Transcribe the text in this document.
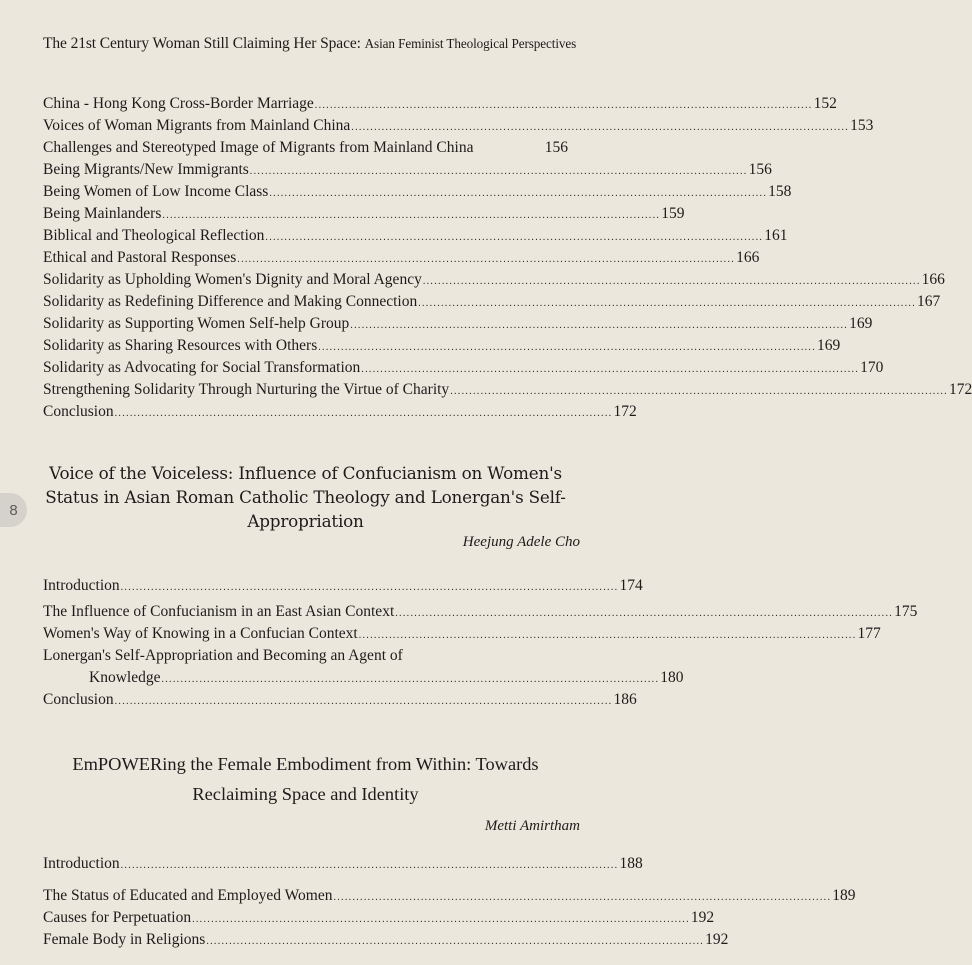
The 21st Century Woman Still Claiming Her Space: Asian Feminist Theological Perspectives
8
China - Hong Kong Cross-Border Marriage ................................................................................................................................... 152
Voices of Woman Migrants from Mainland China ................................................................................................................................... 153
Challenges and Stereotyped Image of Migrants from Mainland China	156
Being Migrants/New Immigrants ................................................................................................................................... 156
Being Women of Low Income Class ................................................................................................................................... 158
Being Mainlanders ................................................................................................................................... 159
Biblical and Theological Reflection ................................................................................................................................... 161
Ethical and Pastoral Responses ................................................................................................................................... 166
Solidarity as Upholding Women's Dignity and Moral Agency ................................................................................................................................... 166
Solidarity as Redefining Difference and Making Connection ................................................................................................................................... 167
Solidarity as Supporting Women Self-help Group ................................................................................................................................... 169
Solidarity as Sharing Resources with Others ................................................................................................................................... 169
Solidarity as Advocating for Social Transformation ................................................................................................................................... 170
Strengthening Solidarity Through Nurturing the Virtue of Charity ................................................................................................................................... 172
Conclusion ................................................................................................................................... 172
Voice of the Voiceless: Influence of Confucianism on Women's
Status in Asian Roman Catholic Theology and Lonergan's Self-
Appropriation
Heejung Adele Cho
Introduction ................................................................................................................................... 174
The Influence of Confucianism in an East Asian Context ................................................................................................................................... 175
Women's Way of Knowing in a Confucian Context ................................................................................................................................... 177
Lonergan's Self-Appropriation and Becoming an Agent of
Knowledge ................................................................................................................................... 180
Conclusion ................................................................................................................................... 186
EmPOWERing the Female Embodiment from Within: Towards
Reclaiming Space and Identity
Metti Amirtham
Introduction ................................................................................................................................... 188
The Status of Educated and Employed Women ................................................................................................................................... 189
Causes for Perpetuation ................................................................................................................................... 192
Female Body in Religions ................................................................................................................................... 192
